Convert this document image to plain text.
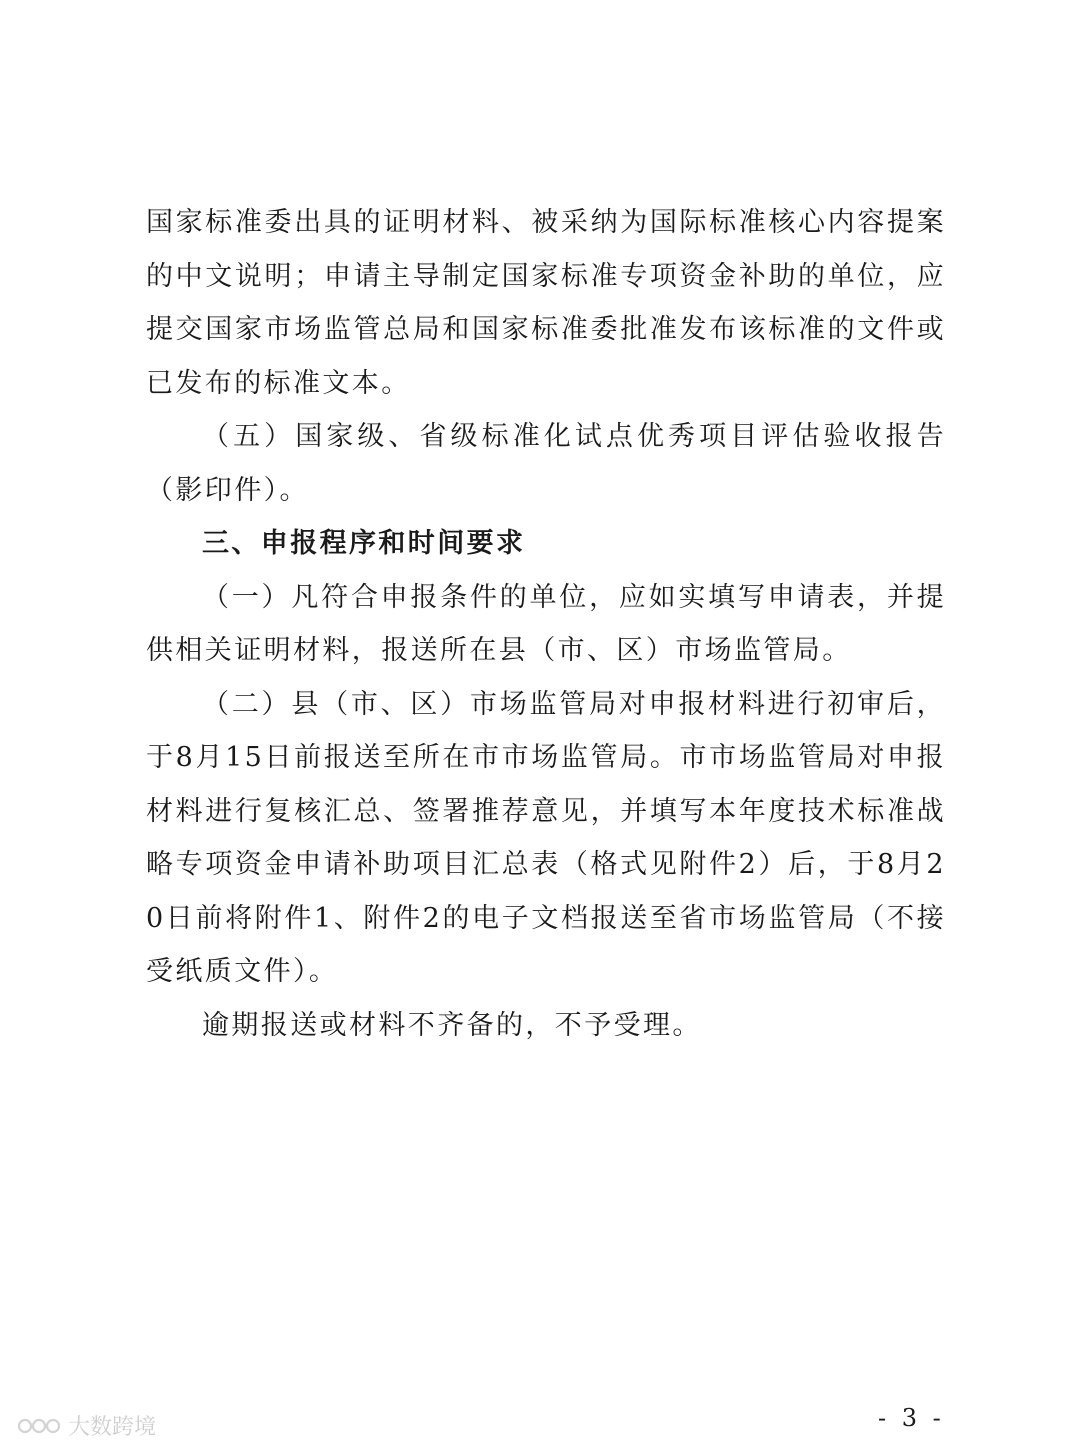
国家标准委出具的证明材料、被采纳为国际标准核心内容提案的中文说明；申请主导制定国家标准专项资金补助的单位，应提交国家市场监管总局和国家标准委批准发布该标准的文件或已发布的标准文本。

（五）国家级、省级标准化试点优秀项目评估验收报告（影印件）。

三、申报程序和时间要求

（一）凡符合申报条件的单位，应如实填写申请表，并提供相关证明材料，报送所在县（市、区）市场监管局。

（二）县（市、区）市场监管局对申报材料进行初审后，于8月15日前报送至所在市市场监管局。市市场监管局对申报材料进行复核汇总、签署推荐意见，并填写本年度技术标准战略专项资金申请补助项目汇总表（格式见附件2）后，于8月20日前将附件1、附件2的电子文档报送至省市场监管局（不接受纸质文件）。

逾期报送或材料不齐备的，不予受理。

- 3 -
大数跨境
